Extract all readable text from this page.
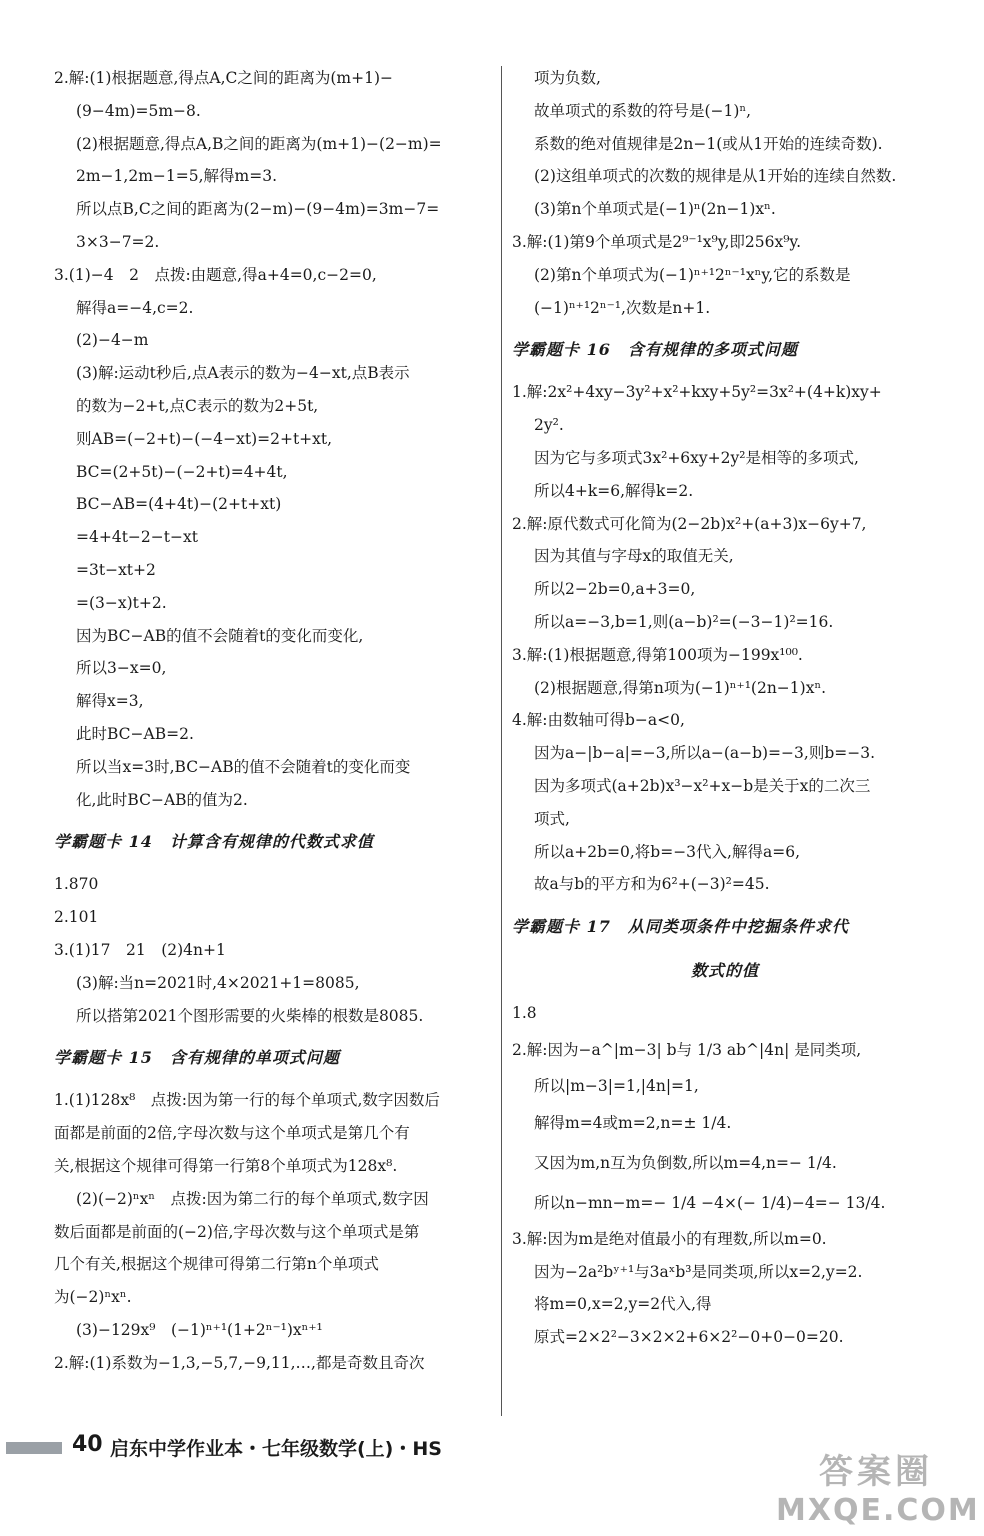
2.解:(1)根据题意,得点A,C之间的距离为(m+1)−
(9−4m)=5m−8.
(2)根据题意,得点A,B之间的距离为(m+1)−(2−m)=
2m−1,2m−1=5,解得m=3.
所以点B,C之间的距离为(2−m)−(9−4m)=3m−7=
3×3−7=2.
3.(1)−4　2　点拨:由题意,得a+4=0,c−2=0,
解得a=−4,c=2.
(2)−4−m
(3)解:运动t秒后,点A表示的数为−4−xt,点B表示
的数为−2+t,点C表示的数为2+5t,
则AB=(−2+t)−(−4−xt)=2+t+xt,
BC=(2+5t)−(−2+t)=4+4t,
BC−AB=(4+4t)−(2+t+xt)
=4+4t−2−t−xt
=3t−xt+2
=(3−x)t+2.
因为BC−AB的值不会随着t的变化而变化,
所以3−x=0,
解得x=3,
此时BC−AB=2.
所以当x=3时,BC−AB的值不会随着t的变化而变
化,此时BC−AB的值为2.
学霸题卡 14　计算含有规律的代数式求值
1.870
2.101
3.(1)17　21　(2)4n+1
(3)解:当n=2021时,4×2021+1=8085,
所以搭第2021个图形需要的火柴棒的根数是8085.
学霸题卡 15　含有规律的单项式问题
1.(1)128x⁸　点拨:因为第一行的每个单项式,数字因数后
面都是前面的2倍,字母次数与这个单项式是第几个有
关,根据这个规律可得第一行第8个单项式为128x⁸.
(2)(−2)ⁿxⁿ　点拨:因为第二行的每个单项式,数字因
数后面都是前面的(−2)倍,字母次数与这个单项式是第
几个有关,根据这个规律可得第二行第n个单项式
为(−2)ⁿxⁿ.
(3)−129x⁹　(−1)ⁿ⁺¹(1+2ⁿ⁻¹)xⁿ⁺¹
2.解:(1)系数为−1,3,−5,7,−9,11,…,都是奇数且奇次
项为负数,
故单项式的系数的符号是(−1)ⁿ,
系数的绝对值规律是2n−1(或从1开始的连续奇数).
(2)这组单项式的次数的规律是从1开始的连续自然数.
(3)第n个单项式是(−1)ⁿ(2n−1)xⁿ.
3.解:(1)第9个单项式是2⁹⁻¹x⁹y,即256x⁹y.
(2)第n个单项式为(−1)ⁿ⁺¹2ⁿ⁻¹xⁿy,它的系数是
(−1)ⁿ⁺¹2ⁿ⁻¹,次数是n+1.
学霸题卡 16　含有规律的多项式问题
1.解:2x²+4xy−3y²+x²+kxy+5y²=3x²+(4+k)xy+
2y².
因为它与多项式3x²+6xy+2y²是相等的多项式,
所以4+k=6,解得k=2.
2.解:原代数式可化简为(2−2b)x²+(a+3)x−6y+7,
因为其值与字母x的取值无关,
所以2−2b=0,a+3=0,
所以a=−3,b=1,则(a−b)²=(−3−1)²=16.
3.解:(1)根据题意,得第100项为−199x¹⁰⁰.
(2)根据题意,得第n项为(−1)ⁿ⁺¹(2n−1)xⁿ.
4.解:由数轴可得b−a<0,
因为a−|b−a|=−3,所以a−(a−b)=−3,则b=−3.
因为多项式(a+2b)x³−x²+x−b是关于x的二次三
项式,
所以a+2b=0,将b=−3代入,解得a=6,
故a与b的平方和为6²+(−3)²=45.
学霸题卡 17　从同类项条件中挖掘条件求代
数式的值
1.8
2.解:因为−a^|m−3| b与 1/3 ab^|4n| 是同类项,
所以|m−3|=1,|4n|=1,
解得m=4或m=2,n=± 1/4.
又因为m,n互为负倒数,所以m=4,n=− 1/4.
所以n−mn−m=− 1/4 −4×(− 1/4)−4=− 13/4.
3.解:因为m是绝对值最小的有理数,所以m=0.
因为−2a²bʸ⁺¹与3aˣb³是同类项,所以x=2,y=2.
将m=0,x=2,y=2代入,得
原式=2×2²−3×2×2+6×2²−0+0−0=20.
40 启东中学作业本・七年级数学(上)・HS
答案圈
MXQE.COM
